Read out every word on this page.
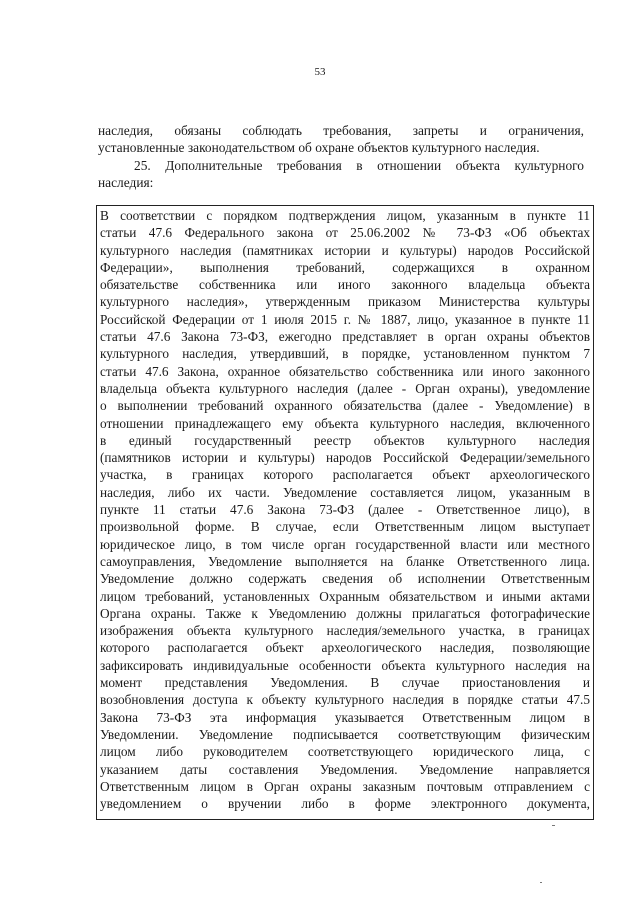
53
наследия, обязаны соблюдать требования, запреты и ограничения,
установленные законодательством об охране объектов культурного наследия.
25. Дополнительные требования в отношении объекта культурного
наследия:
В соответствии с порядком подтверждения лицом, указанным в пункте 11
статьи 47.6 Федерального закона от 25.06.2002 № 73-ФЗ «Об объектах
культурного наследия (памятниках истории и культуры) народов Российской
Федерации», выполнения требований, содержащихся в охранном
обязательстве собственника или иного законного владельца объекта
культурного наследия», утвержденным приказом Министерства культуры
Российской Федерации от 1 июля 2015 г. № 1887, лицо, указанное в пункте 11
статьи 47.6 Закона 73-ФЗ, ежегодно представляет в орган охраны объектов
культурного наследия, утвердивший, в порядке, установленном пунктом 7
статьи 47.6 Закона, охранное обязательство собственника или иного законного
владельца объекта культурного наследия (далее - Орган охраны), уведомление
о выполнении требований охранного обязательства (далее - Уведомление) в
отношении принадлежащего ему объекта культурного наследия, включенного
в единый государственный реестр объектов культурного наследия
(памятников истории и культуры) народов Российской Федерации/земельного
участка, в границах которого располагается объект археологического
наследия, либо их части. Уведомление составляется лицом, указанным в
пункте 11 статьи 47.6 Закона 73-ФЗ (далее - Ответственное лицо), в
произвольной форме. В случае, если Ответственным лицом выступает
юридическое лицо, в том числе орган государственной власти или местного
самоуправления, Уведомление выполняется на бланке Ответственного лица.
Уведомление должно содержать сведения об исполнении Ответственным
лицом требований, установленных Охранным обязательством и иными актами
Органа охраны. Также к Уведомлению должны прилагаться фотографические
изображения объекта культурного наследия/земельного участка, в границах
которого располагается объект археологического наследия, позволяющие
зафиксировать индивидуальные особенности объекта культурного наследия на
момент представления Уведомления. В случае приостановления и
возобновления доступа к объекту культурного наследия в порядке статьи 47.5
Закона 73-ФЗ эта информация указывается Ответственным лицом в
Уведомлении. Уведомление подписывается соответствующим физическим
лицом либо руководителем соответствующего юридического лица, с
указанием даты составления Уведомления. Уведомление направляется
Ответственным лицом в Орган охраны заказным почтовым отправлением с
уведомлением о вручении либо в форме электронного документа,
